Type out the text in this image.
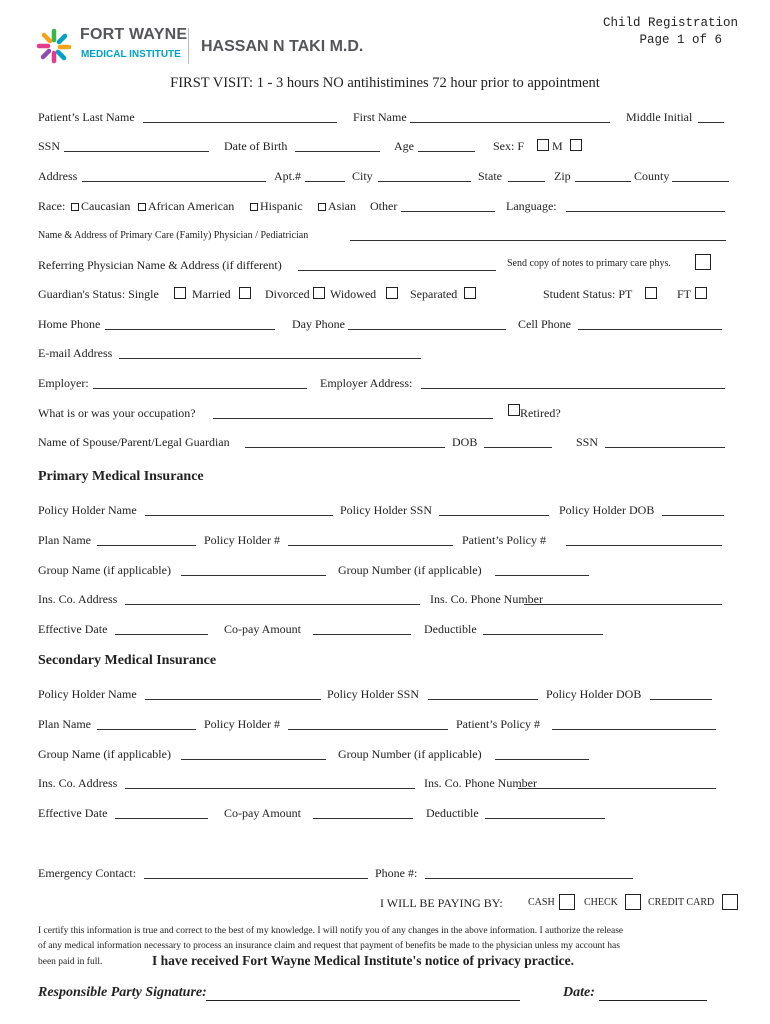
Child Registration
Page 1 of 6
FORT WAYNE
MEDICAL INSTITUTE HASSAN N TAKI M.D.
FIRST VISIT: 1 - 3 hours NO antihistimines 72 hour prior to appointment
Patient’s Last Name	First Name	Middle Initial
SSN	Date of Birth	Age	Sex: F M
Address	Apt.#	City	State	Zip	County
Race:	Caucasian	African American	Hispanic	Asian Other	Language:
Name & Address of Primary Care (Family) Physician / Pediatrician
Referring Physician Name & Address (if different)	Send copy of notes to primary care phys.
Guardian's Status: Single	Married	Divorced Widowed	Separated	Student Status: PT	FT
Home Phone	Day Phone	Cell Phone
E-mail Address
Employer:	Employer Address:
What is or was your occupation?	Retired?
Name of Spouse/Parent/Legal Guardian	DOB	SSN
Primary Medical Insurance
Policy Holder Name	Policy Holder SSN	Policy Holder DOB
Plan Name	Policy Holder #	Patient’s Policy #
Group Name (if applicable)	Group Number (if applicable)
Ins. Co. Address	Ins. Co. Phone Number
Effective Date	Co-pay Amount	Deductible
Secondary Medical Insurance
Policy Holder Name	Policy Holder SSN	Policy Holder DOB
Plan Name	Policy Holder #	Patient’s Policy #
Group Name (if applicable)	Group Number (if applicable)
Ins. Co. Address	Ins. Co. Phone Number
Effective Date	Co-pay Amount	Deductible
Emergency Contact:	Phone #:
I WILL BE PAYING BY:	CASH	CHECK	CREDIT CARD
I certify this information is true and correct to the best of my knowledge. I will notify you of any changes in the above information. I authorize the release
of any medical information necessary to process an insurance claim and request that payment of benefits be made to the physician unless my account has
been paid in full.	I have received Fort Wayne Medical Institute's notice of privacy practice.
Responsible Party Signature:	Date:
